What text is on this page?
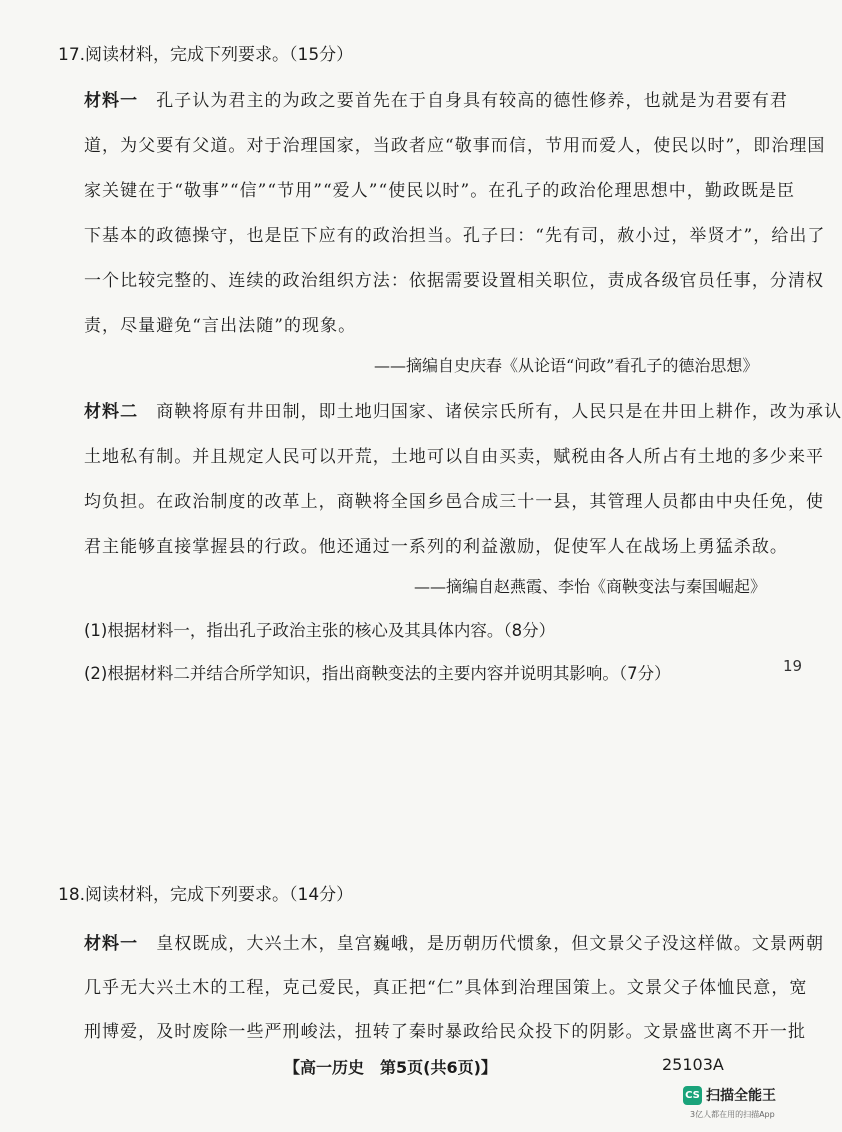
17.阅读材料，完成下列要求。（15分）
材料一　 孔子认为君主的为政之要首先在于自身具有较高的德性修养，也就是为君要有君
道，为父要有父道。对于治理国家，当政者应“敬事而信，节用而爱人，使民以时”，即治理国
家关键在于“敬事”“信”“节用”“爱人”“使民以时”。在孔子的政治伦理思想中，勤政既是臣
下基本的政德操守，也是臣下应有的政治担当。孔子曰：“先有司，赦小过，举贤才”，给出了
一个比较完整的、连续的政治组织方法：依据需要设置相关职位，责成各级官员任事，分清权
责，尽量避免“言出法随”的现象。
——摘编自史庆春《从论语“问政”看孔子的德治思想》
材料二　 商鞅将原有井田制，即土地归国家、诸侯宗氏所有，人民只是在井田上耕作，改为承认
土地私有制。并且规定人民可以开荒，土地可以自由买卖，赋税由各人所占有土地的多少来平
均负担。在政治制度的改革上，商鞅将全国乡邑合成三十一县，其管理人员都由中央任免，使
君主能够直接掌握县的行政。他还通过一系列的利益激励，促使军人在战场上勇猛杀敌。
——摘编自赵燕霞、李怡《商鞅变法与秦国崛起》
(1)根据材料一，指出孔子政治主张的核心及其具体内容。（8分）
(2)根据材料二并结合所学知识，指出商鞅变法的主要内容并说明其影响。（7分）	19
18.阅读材料，完成下列要求。（14分）
材料一　 皇权既成，大兴土木，皇宫巍峨，是历朝历代惯象，但文景父子没这样做。文景两朝
几乎无大兴土木的工程，克己爱民，真正把“仁”具体到治理国策上。文景父子体恤民意，宽
刑博爱，及时废除一些严刑峻法，扭转了秦时暴政给民众投下的阴影。文景盛世离不开一批
【高一历史　第5页(共6页)】	25103A
CS 扫描全能王
3亿人都在用的扫描App
